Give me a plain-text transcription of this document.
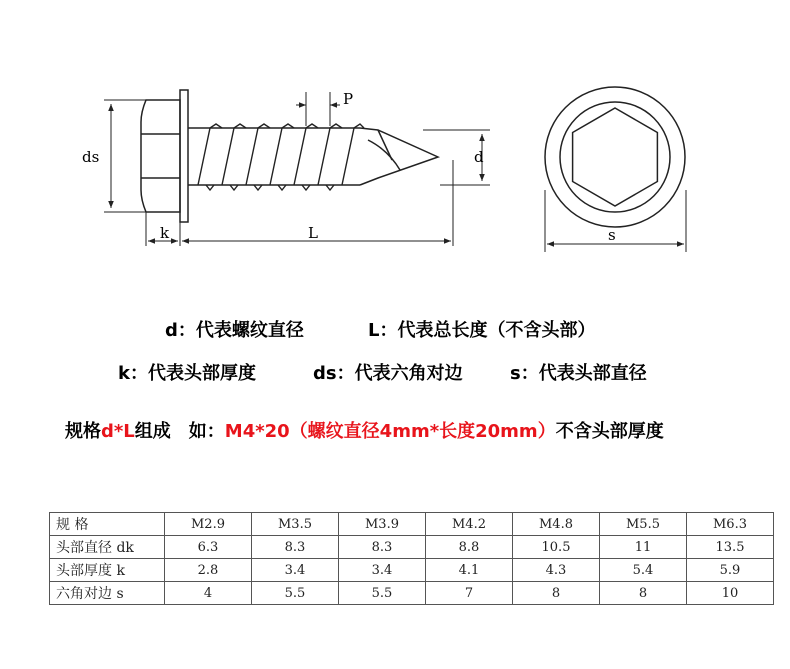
P
ds	d
k	L	s
d：代表螺纹直径	L：代表总长度（不含头部）
k：代表头部厚度	ds：代表六角对边	s：代表头部直径
规格d*L组成　如：M4*20（螺纹直径4mm*长度20mm）不含头部厚度
规 格	M2.9	M3.5	M3.9	M4.2	M4.8	M5.5	M6.3
头部直径 dk	6.3	8.3	8.3	8.8	10.5	11	13.5
头部厚度 k	2.8	3.4	3.4	4.1	4.3	5.4	5.9
六角对边 s	4	5.5	5.5	7	8	8	10
